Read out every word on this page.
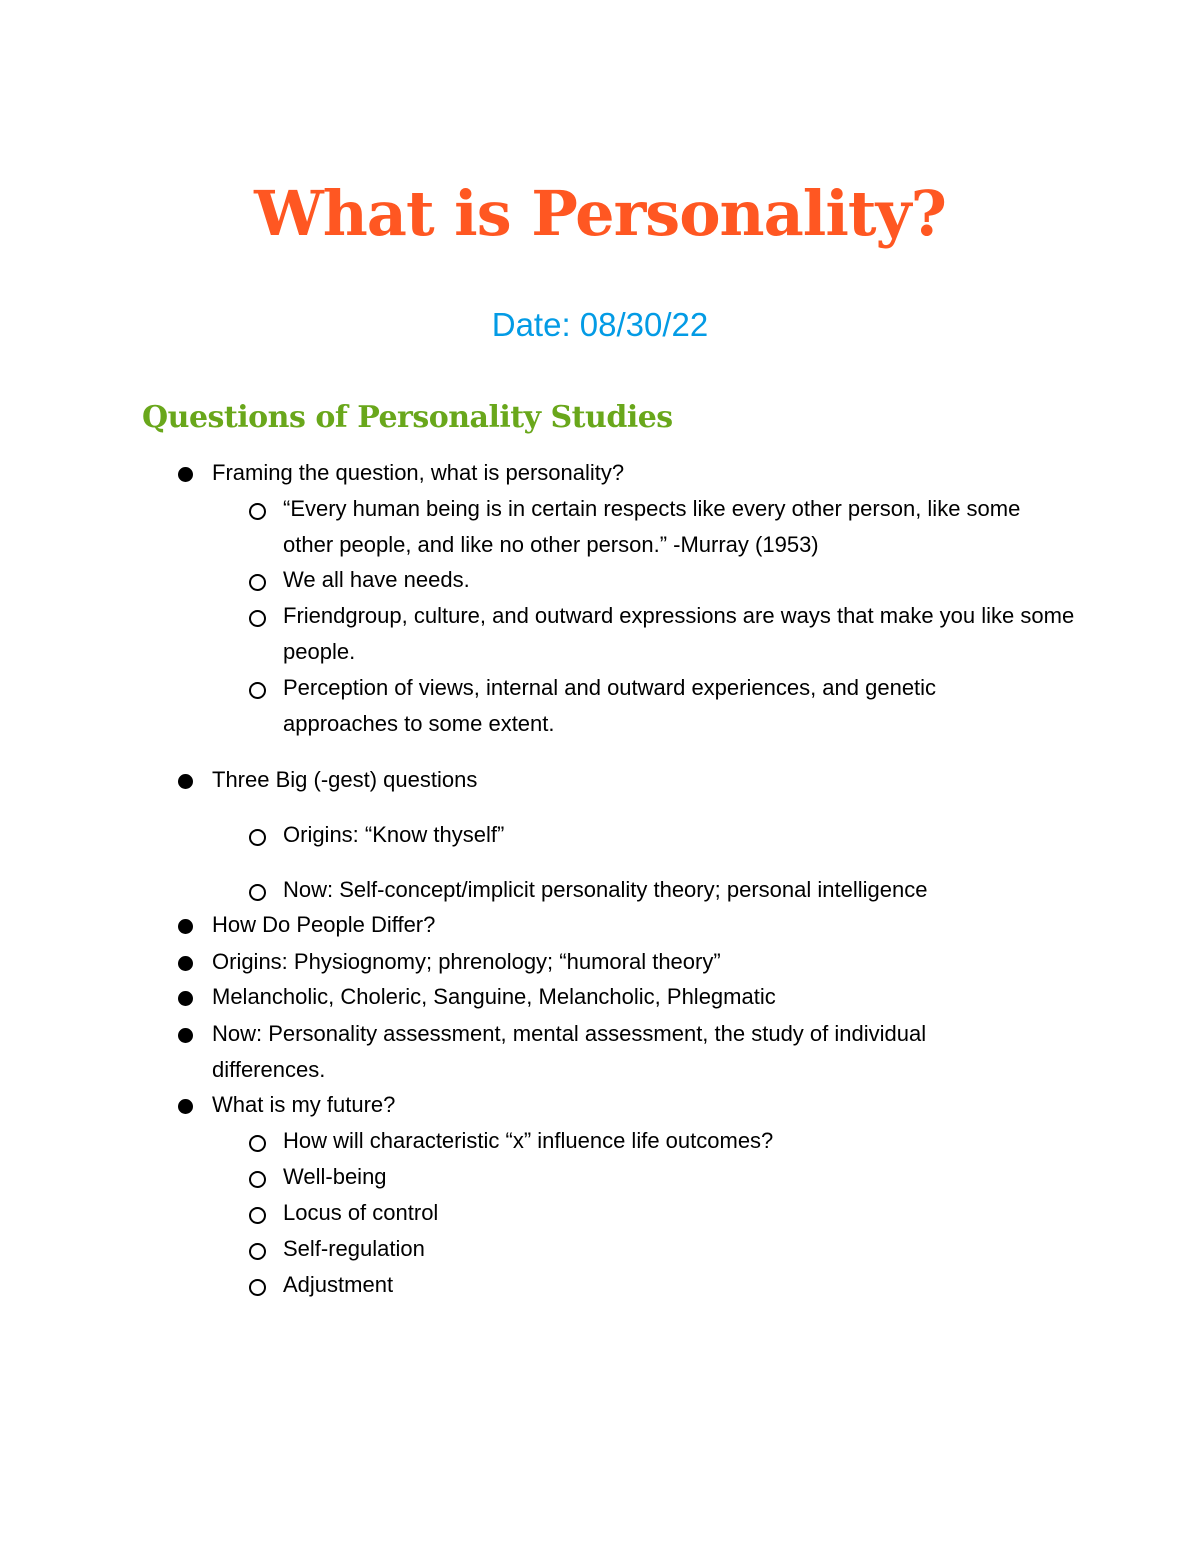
What is Personality?
Date: 08/30/22
Questions of Personality Studies
Framing the question, what is personality?
“Every human being is in certain respects like every other person, like some other people, and like no other person.” -Murray (1953)
We all have needs.
Friendgroup, culture, and outward expressions are ways that make you like some people.
Perception of views, internal and outward experiences, and genetic approaches to some extent.
Three Big (-gest) questions
Origins: “Know thyself”
Now: Self-concept/implicit personality theory; personal intelligence
How Do People Differ?
Origins: Physiognomy; phrenology; “humoral theory”
Melancholic, Choleric, Sanguine, Melancholic, Phlegmatic
Now: Personality assessment, mental assessment, the study of individual differences.
What is my future?
How will characteristic “x” influence life outcomes?
Well-being
Locus of control
Self-regulation
Adjustment
